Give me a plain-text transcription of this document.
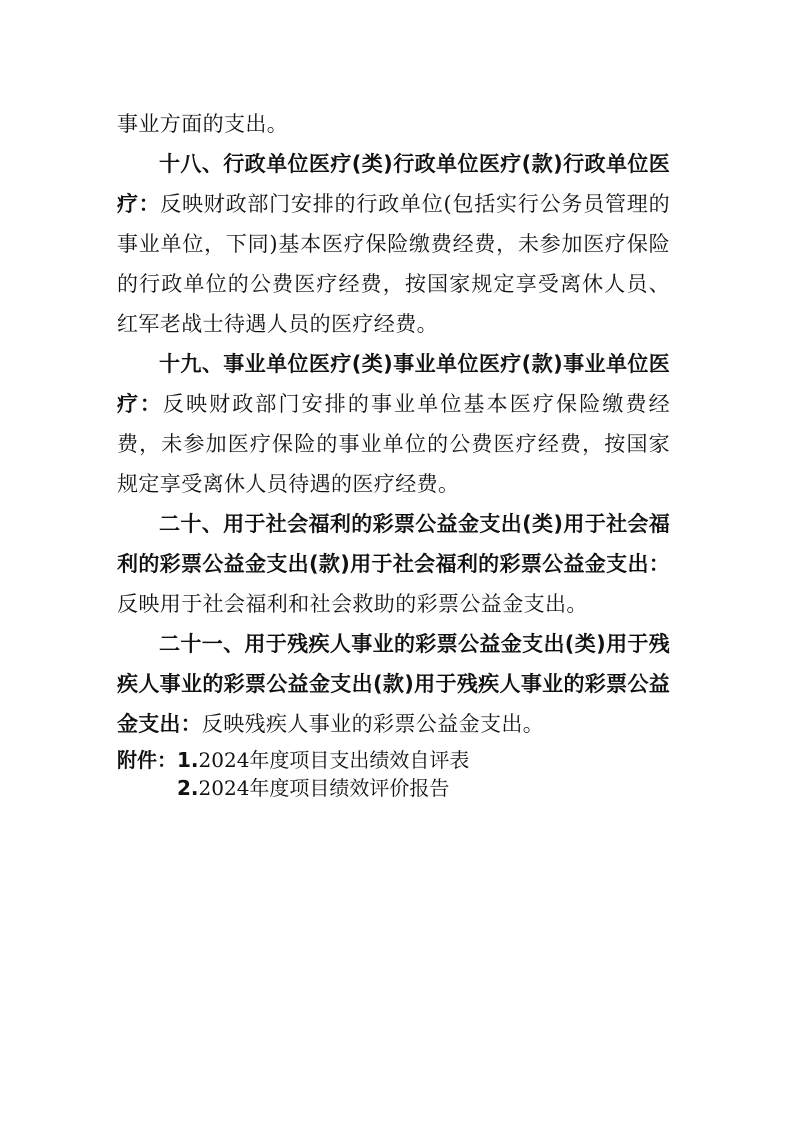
事业方面的支出。

十八、行政单位医疗(类)行政单位医疗(款)行政单位医疗：反映财政部门安排的行政单位(包括实行公务员管理的事业单位，下同)基本医疗保险缴费经费，未参加医疗保险的行政单位的公费医疗经费，按国家规定享受离休人员、红军老战士待遇人员的医疗经费。

十九、事业单位医疗(类)事业单位医疗(款)事业单位医疗：反映财政部门安排的事业单位基本医疗保险缴费经费，未参加医疗保险的事业单位的公费医疗经费，按国家规定享受离休人员待遇的医疗经费。

二十、用于社会福利的彩票公益金支出(类)用于社会福利的彩票公益金支出(款)用于社会福利的彩票公益金支出：反映用于社会福利和社会救助的彩票公益金支出。

二十一、用于残疾人事业的彩票公益金支出(类)用于残疾人事业的彩票公益金支出(款)用于残疾人事业的彩票公益金支出：反映残疾人事业的彩票公益金支出。

附件： 1. 2024年度项目支出绩效自评表
2. 2024年度项目绩效评价报告
